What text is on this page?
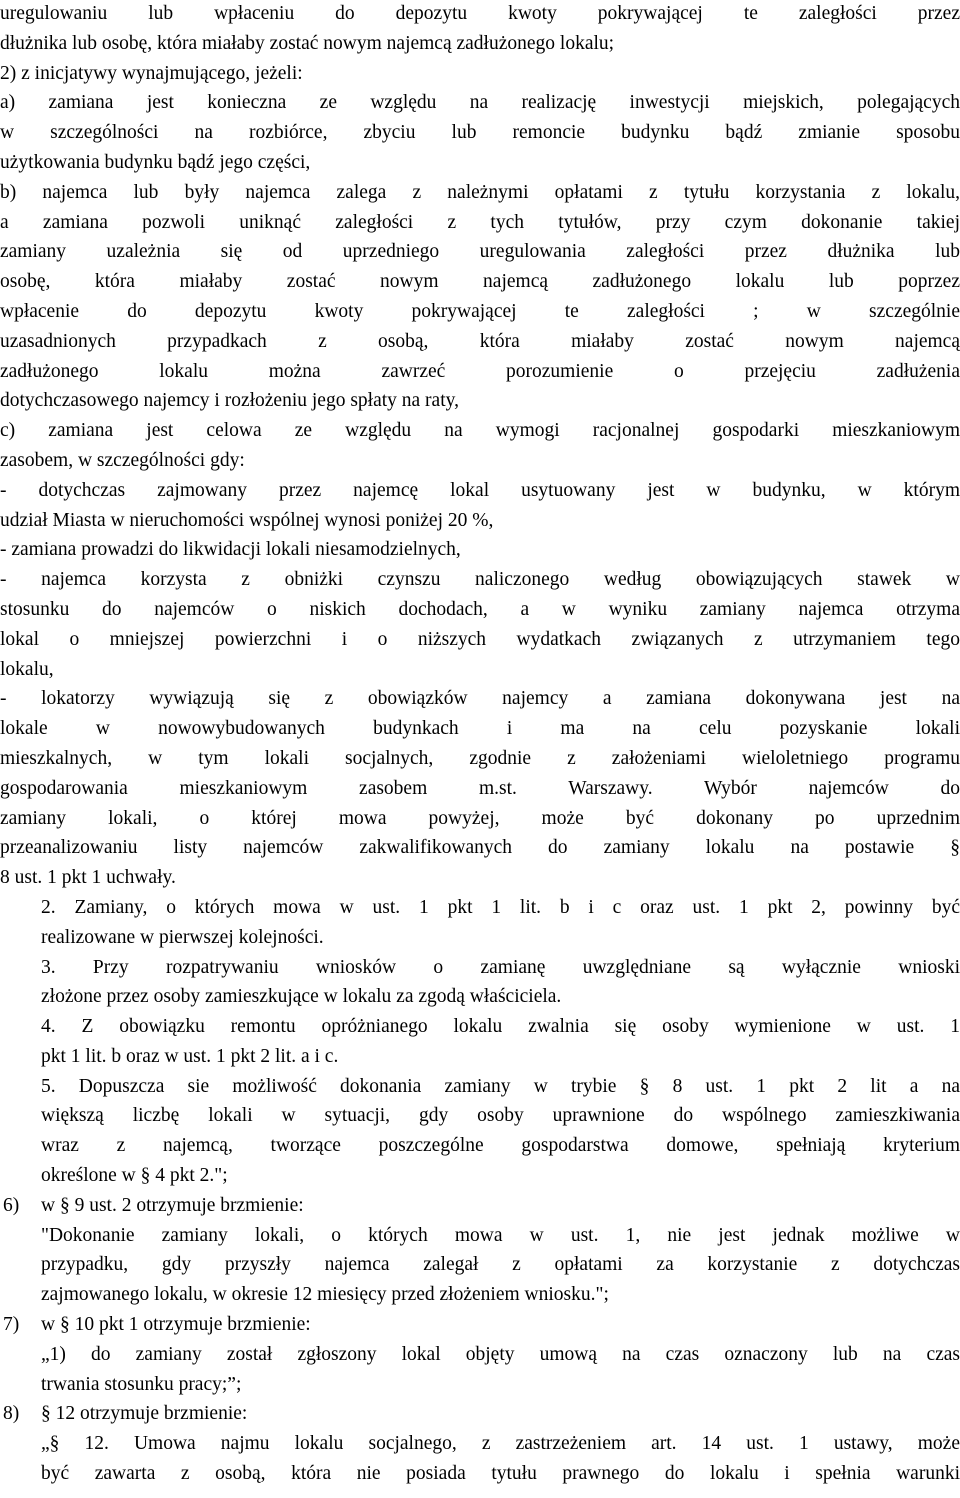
uregulowaniu lub wpłaceniu do depozytu kwoty pokrywającej te zaległości przez

dłużnika lub osobę, która miałaby zostać nowym najemcą zadłużonego lokalu;

2) z inicjatywy wynajmującego, jeżeli:

a) zamiana jest konieczna ze względu na realizację inwestycji miejskich, polegających

w szczególności na rozbiórce, zbyciu lub remoncie budynku bądź zmianie sposobu

użytkowania budynku bądź jego części,

b) najemca lub były najemca zalega z należnymi opłatami z tytułu korzystania z lokalu,

a zamiana pozwoli uniknąć zaległości z tych tytułów, przy czym dokonanie takiej

zamiany uzależnia się od uprzedniego uregulowania zaległości przez dłużnika lub

osobę, która miałaby zostać nowym najemcą zadłużonego lokalu lub poprzez

wpłacenie do depozytu kwoty pokrywającej te zaległości ; w szczególnie

uzasadnionych przypadkach z osobą, która miałaby zostać nowym najemcą

zadłużonego lokalu można zawrzeć porozumienie o przejęciu zadłużenia

dotychczasowego najemcy i rozłożeniu jego spłaty na raty,

c) zamiana jest celowa ze względu na wymogi racjonalnej gospodarki mieszkaniowym

zasobem, w szczególności gdy:

- dotychczas zajmowany przez najemcę lokal usytuowany jest w budynku, w którym

udział Miasta w nieruchomości wspólnej wynosi poniżej 20 %,

- zamiana prowadzi do likwidacji lokali niesamodzielnych,

- najemca korzysta z obniżki czynszu naliczonego według obowiązujących stawek w

stosunku do najemców o niskich dochodach, a w wyniku zamiany najemca otrzyma

lokal o mniejszej powierzchni i o niższych wydatkach związanych z utrzymaniem tego

lokalu,

- lokatorzy wywiązują się z obowiązków najemcy a zamiana dokonywana jest na

lokale w nowowybudowanych budynkach i ma na celu pozyskanie lokali

mieszkalnych, w tym lokali socjalnych, zgodnie z założeniami wieloletniego programu

gospodarowania mieszkaniowym zasobem m.st. Warszawy. Wybór najemców do

zamiany lokali, o której mowa powyżej, może być dokonany po uprzednim

przeanalizowaniu listy najemców zakwalifikowanych do zamiany lokalu na postawie §

8 ust. 1 pkt 1 uchwały.

2. Zamiany, o których mowa w ust. 1 pkt 1 lit. b i c oraz ust. 1 pkt 2, powinny być

realizowane w pierwszej kolejności.

3. Przy rozpatrywaniu wniosków o zamianę uwzględniane są wyłącznie wnioski

złożone przez osoby zamieszkujące w lokalu za zgodą właściciela.

4. Z obowiązku remontu opróżnianego lokalu zwalnia się osoby wymienione w ust. 1

pkt 1 lit. b oraz w ust. 1 pkt 2 lit. a i c.

5. Dopuszcza sie możliwość dokonania zamiany w trybie § 8 ust. 1 pkt 2 lit a na

większą liczbę lokali w sytuacji, gdy osoby uprawnione do wspólnego zamieszkiwania

wraz z najemcą, tworzące poszczególne gospodarstwa domowe, spełniają kryterium

określone w § 4 pkt 2.";

6) w § 9 ust. 2 otrzymuje brzmienie:

"Dokonanie zamiany lokali, o których mowa w ust. 1, nie jest jednak możliwe w

przypadku, gdy przyszły najemca zalegał z opłatami za korzystanie z dotychczas

zajmowanego lokalu, w okresie 12 miesięcy przed złożeniem wniosku.";

7) w § 10 pkt 1 otrzymuje brzmienie:

„1) do zamiany został zgłoszony lokal objęty umową na czas oznaczony lub na czas

trwania stosunku pracy;”;

8) § 12 otrzymuje brzmienie:

„§ 12. Umowa najmu lokalu socjalnego, z zastrzeżeniem art. 14 ust. 1 ustawy, może

być zawarta z osobą, która nie posiada tytułu prawnego do lokalu i spełnia warunki
